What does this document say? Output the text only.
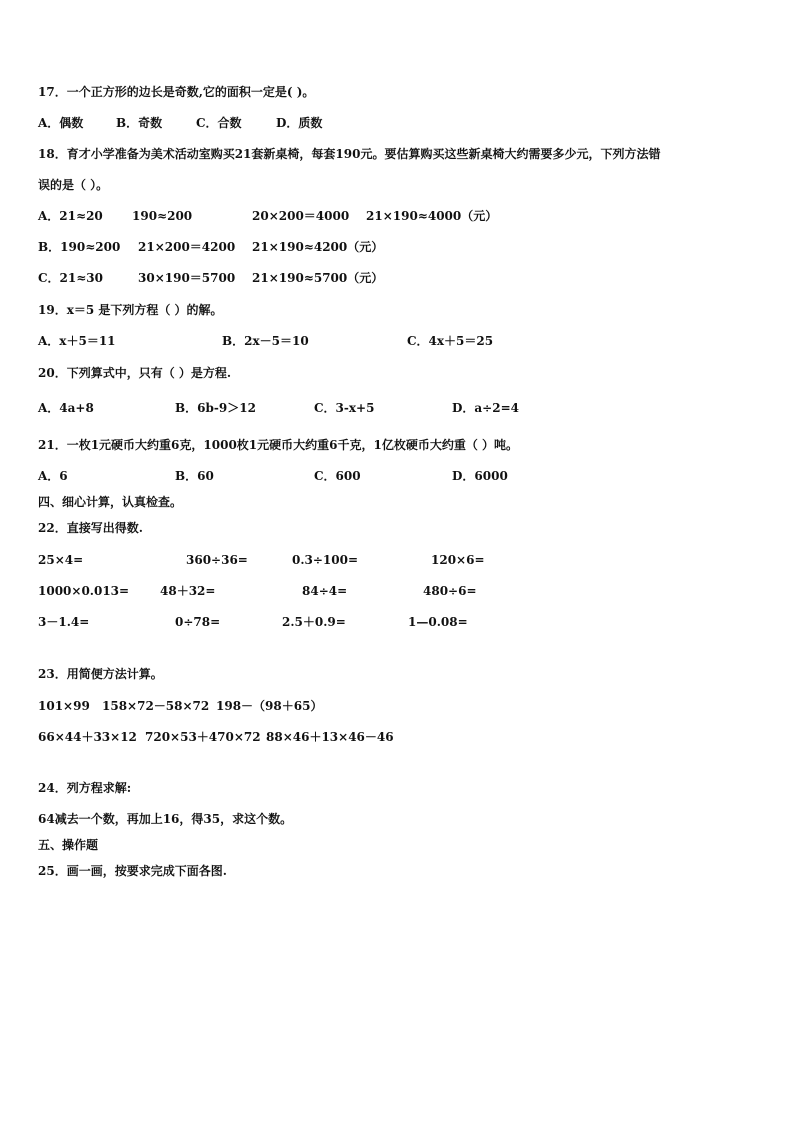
17．一个正方形的边长是奇数,它的面积一定是( )。
A．偶数	B．奇数	C．合数	D．质数
18．育才小学准备为美术活动室购买21套新桌椅，每套190元。要估算购买这些新桌椅大约需要多少元，下列方法错
误的是（ ）。
A．21≈20 190≈200	20×200＝4000 21×190≈4000（元）
B．190≈200 21×200＝4200 21×190≈4200（元）
C．21≈30	30×190＝5700 21×190≈5700（元）
19．x＝5 是下列方程（ ）的解。
A．x＋5＝11	B．2x－5＝10	C．4x＋5＝25
20．下列算式中，只有（ ）是方程.
A．4a+8	B．6b-9＞12	C．3-x+5	D．a÷2=4
21．一枚1元硬币大约重6克，1000枚1元硬币大约重6千克，1亿枚硬币大约重（ ）吨。
A．6	B．60	C．600	D．6000
四、细心计算，认真检查。
22．直接写出得数.
25×4=	360÷36=	0.3÷100=	120×6=
1000×0.013=	48＋32=	84÷4=	480÷6=
3－1.4=	0÷78=	2.5＋0.9=	1—0.08=
23．用简便方法计算。
101×99 158×72－58×72 198－（98＋65）
66×44＋33×12 720×53＋470×72 88×46＋13×46－46
24．列方程求解:
64减去一个数，再加上16，得35，求这个数。
五、操作题
25．画一画，按要求完成下面各图.
